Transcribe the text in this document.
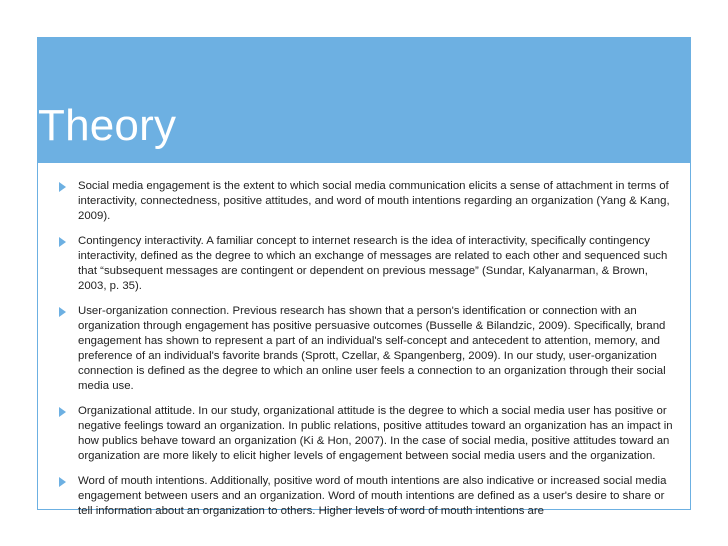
Theory
Social media engagement is the extent to which social media communication elicits a sense of attachment in terms of interactivity, connectedness, positive attitudes, and word of mouth intentions regarding an organization (Yang & Kang, 2009).
Contingency interactivity. A familiar concept to internet research is the idea of interactivity, specifically contingency interactivity, defined as the degree to which an exchange of messages are related to each other and sequenced such that “subsequent messages are contingent or dependent on previous message” (Sundar, Kalyanarman, & Brown, 2003, p. 35).
User-organization connection. Previous research has shown that a person's identification or connection with an organization through engagement has positive persuasive outcomes (Busselle & Bilandzic, 2009). Specifically, brand engagement has shown to represent a part of an individual's self-concept and antecedent to attention, memory, and preference of an individual's favorite brands (Sprott, Czellar, & Spangenberg, 2009). In our study, user-organization connection is defined as the degree to which an online user feels a connection to an organization through their social media use.
Organizational attitude. In our study, organizational attitude is the degree to which a social media user has positive or negative feelings toward an organization. In public relations, positive attitudes toward an organization has an impact in how publics behave toward an organization (Ki & Hon, 2007). In the case of social media, positive attitudes toward an organization are more likely to elicit higher levels of engagement between social media users and the organization.
Word of mouth intentions. Additionally, positive word of mouth intentions are also indicative or increased social media engagement between users and an organization. Word of mouth intentions are defined as a user's desire to share or tell information about an organization to others. Higher levels of word of mouth intentions are
